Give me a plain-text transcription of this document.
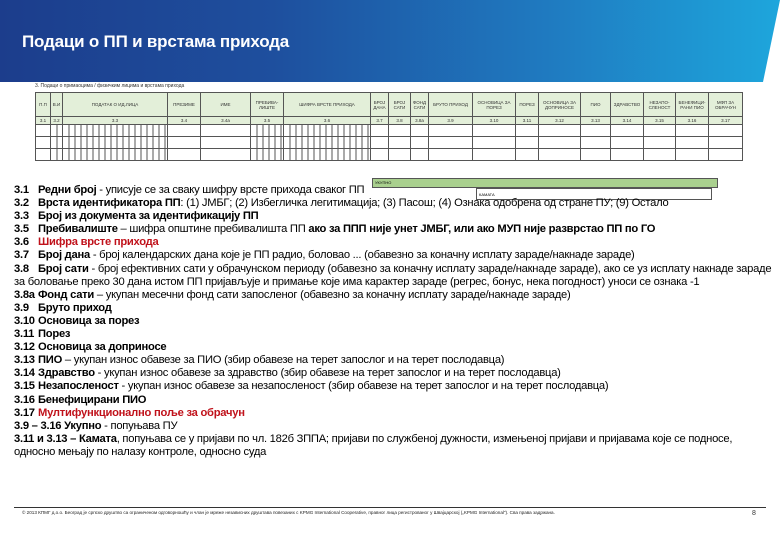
Подаци о ПП и врстама прихода
3. Подаци о примаоцима / физичким лицима и врстама прихода
П.П	В.И	ПОДАТАК О ИД.ЛИЦА	ПРЕЗИМЕ	ИМЕ	ПРЕБИВА-ЛИШТЕ	ШИФРА ВРСТЕ ПРИХОДА	БРОЈ ДАНА	БРОЈ САТИ	ФОНД САТИ	БРУТО ПРИХОД	ОСНОВИЦА ЗА ПОРЕЗ	ПОРЕЗ	ОСНОВИЦА ЗА ДОПРИНОСЕ	ПИО	ЗДРАВСТВО	НЕЗАПО-СЛЕНОСТ	БЕНЕФИЦИ-РАНИ ПИО	МФП ЗА ОБРАЧУН
3.1	3.2	3.3	3.4	3.4a	3.5	3.6	3.7	3.8	3.8a	3.9	3.10	3.11	3.12	3.13	3.14	3.15	3.16	3.17

УКУПНО
КАМАТА
3.1 Редни број - уписује се за сваку шифру врсте прихода сваког ПП
3.2 Врста идентификатора ПП: (1) ЈМБГ; (2) Избегличка легитимација; (3) Пасош; (4) Ознака одобрена од стране ПУ; (9) Остало
3.3 Број из документа за идентификацију ПП
3.5 Пребивалиште – шифра општине пребивалишта ПП ако за ППП није унет ЈМБГ, или ако МУП није разврстао ПП по ГО
3.6 Шифра врсте прихода
3.7 Број дана - број календарских дана које је ПП радио, боловао ... (обавезно за коначну исплату зараде/накнаде зараде)
3.8 Број сати - број ефективних сати у обрачунском периоду (обавезно за коначну исплату зараде/накнаде зараде), ако се уз исплату накнаде зараде за боловање преко 30 дана истом ПП пријављује и примање које има карактер зараде (регрес, бонус, нека погодност) уноси се ознака -1
3.8a Фонд сати – укупан месечни фонд сати запосленог (обавезно за коначну исплату зараде/накнаде зараде)
3.9 Бруто приход
3.10 Основица за порез
3.11 Порез
3.12 Основица за доприносе
3.13 ПИО – укупан износ обавезе за ПИО (збир обавезе на терет запослог и на терет послодавца)
3.14 Здравство - укупан износ обавезе за здравство (збир обавезе на терет запослог и на терет послодавца)
3.15 Незапосленост - укупан износ обавезе за незапосленост (збир обавезе на терет запослог и на терет послодавца)
3.16 Бенефицирани ПИО
3.17 Мултифункционално поље за обрачун
3.9 – 3.16 Укупно - попуњава ПУ
3.11 и 3.13 – Камата, попуњава се у пријави по чл. 182б ЗППА; пријави по службеној дужности, измењеној пријави и пријавама које се подносе, односно мењају по налазу контроле, односно суда
© 2013 КПМГ д.о.о. Београд је српско друштво са ограниченом одговорношћу и члан је мреже независних друштава повезаних с KPMG International Cooperative, правног лица регистрованог у Швајцарској („KPMG International"). Сва права задржана.	8
